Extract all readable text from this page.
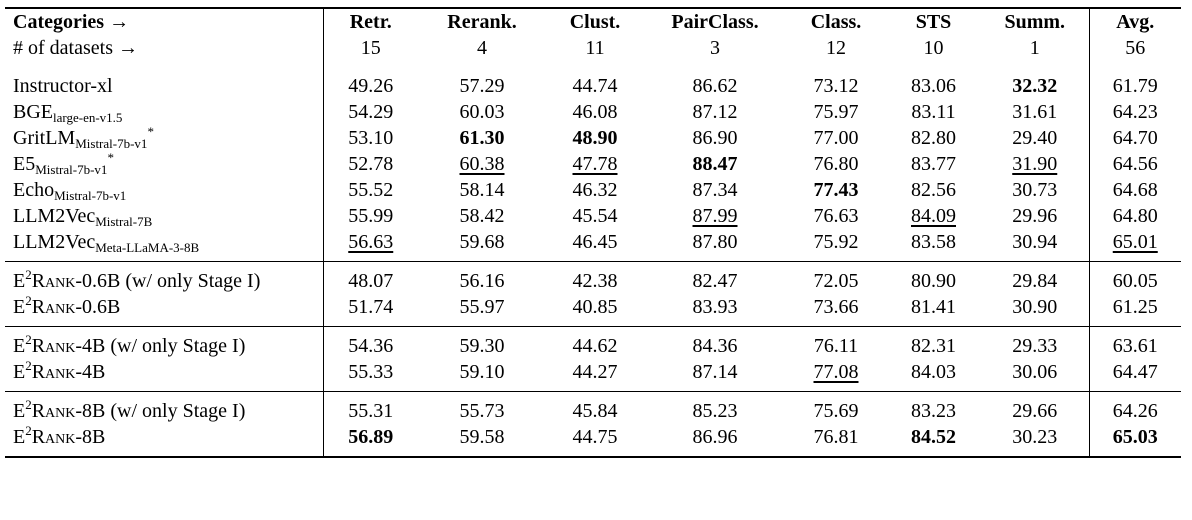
Categories →	Retr.	Rerank.	Clust.	PairClass.	Class.	STS	Summ.	Avg.
# of datasets →	15	4	11	3	12	10	1	56
Instructor-xl	49.26	57.29	44.74	86.62	73.12	83.06	32.32	61.79
$BGE_{large-en-v1.5}$	54.29	60.03	46.08	87.12	75.97	83.11	31.61	64.23
GritLM$_{Mistral-7b-v1}$*	53.10	61.30	48.90	86.90	77.00	82.80	29.40	64.70
$E5_{Mistral-7b-v1}^*$	52.78	60.38	47.78	88.47	76.80	83.77	31.90	64.56
Echo$_{Mistral-7b-v1}$	55.52	58.14	46.32	87.34	77.43	82.56	30.73	64.68
LLM2Vec$_{Mistral-7B}$	55.99	58.42	45.54	87.99	76.63	84.09	29.96	64.80
LLM2Vec$_{Meta-LLaMA-3-8B}$	56.63	59.68	46.45	87.80	75.92	83.58	30.94	65.01
$E^2Rank-0.6B$ (w/ only Stage I)	48.07	56.16	42.38	82.47	72.05	80.90	29.84	60.05
$E^2Rank-0.6B$	51.74	55.97	40.85	83.93	73.66	81.41	30.90	61.25
$E^2Rank-4B$ (w/ only Stage I)	54.36	59.30	44.62	84.36	76.11	82.31	29.33	63.61
$E^2Rank-4B$	55.33	59.10	44.27	87.14	77.08	84.03	30.06	64.47
$E^2Rank-8B$ (w/ only Stage I)	55.31	55.73	45.84	85.23	75.69	83.23	29.66	64.26
$E^2Rank-8B$	56.89	59.58	44.75	86.96	76.81	84.52	30.23	65.03
